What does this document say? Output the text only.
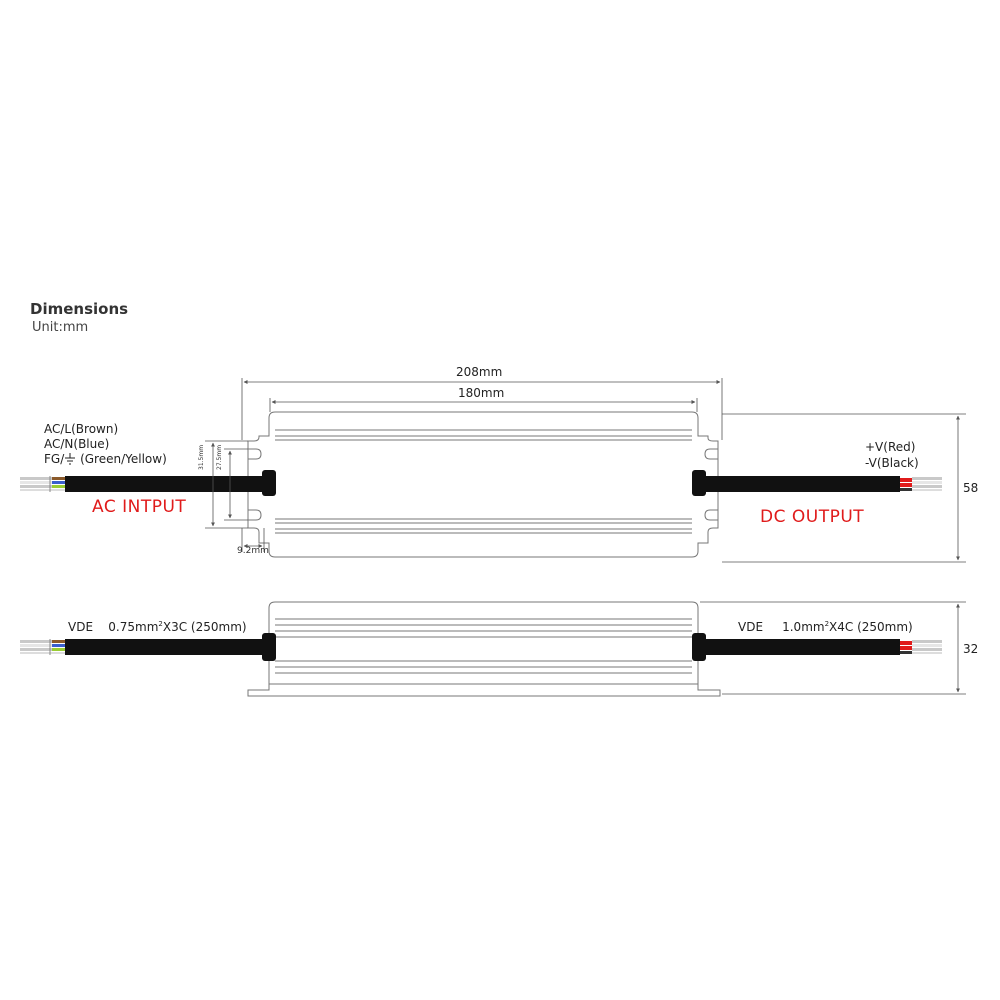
Dimensions
Unit:mm
208mm
180mm
58
9.2mm
31.5mm 27.5mm
AC/L(Brown)
AC/N(Blue)
FG/
(Green/Yellow)
+V(Red)
-V(Black)
AC INTPUT	DC OUTPUT
32
VDE $0.75mm^2X3C$ (250mm)	VDE $1.0mm^2X4C$ (250mm)
